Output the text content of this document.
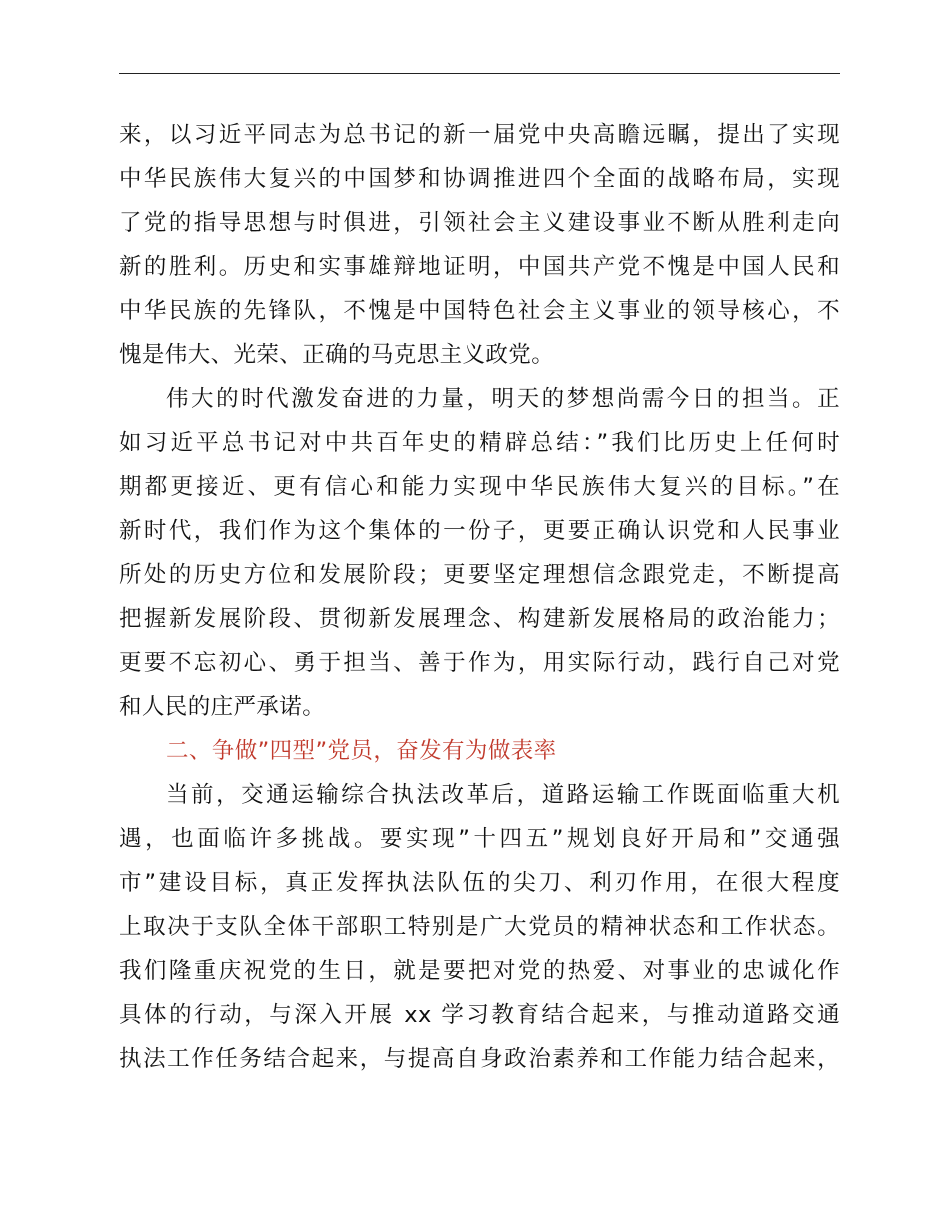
来，以习近平同志为总书记的新一届党中央高瞻远瞩，提出了实现
中华民族伟大复兴的中国梦和协调推进四个全面的战略布局，实现
了党的指导思想与时俱进，引领社会主义建设事业不断从胜利走向
新的胜利。历史和实事雄辩地证明，中国共产党不愧是中国人民和
中华民族的先锋队，不愧是中国特色社会主义事业的领导核心，不
愧是伟大、光荣、正确的马克思主义政党。
伟大的时代激发奋进的力量，明天的梦想尚需今日的担当。正
如习近平总书记对中共百年史的精辟总结：”我们比历史上任何时
期都更接近、更有信心和能力实现中华民族伟大复兴的目标。”在
新时代，我们作为这个集体的一份子，更要正确认识党和人民事业
所处的历史方位和发展阶段；更要坚定理想信念跟党走，不断提高
把握新发展阶段、贯彻新发展理念、构建新发展格局的政治能力；
更要不忘初心、勇于担当、善于作为，用实际行动，践行自己对党
和人民的庄严承诺。
二、争做”四型”党员，奋发有为做表率
当前，交通运输综合执法改革后，道路运输工作既面临重大机
遇，也面临许多挑战。要实现”十四五”规划良好开局和”交通强
市”建设目标，真正发挥执法队伍的尖刀、利刃作用，在很大程度
上取决于支队全体干部职工特别是广大党员的精神状态和工作状态。
我们隆重庆祝党的生日，就是要把对党的热爱、对事业的忠诚化作
具体的行动，与深入开展 xx 学习教育结合起来，与推动道路交通
执法工作任务结合起来，与提高自身政治素养和工作能力结合起来，
